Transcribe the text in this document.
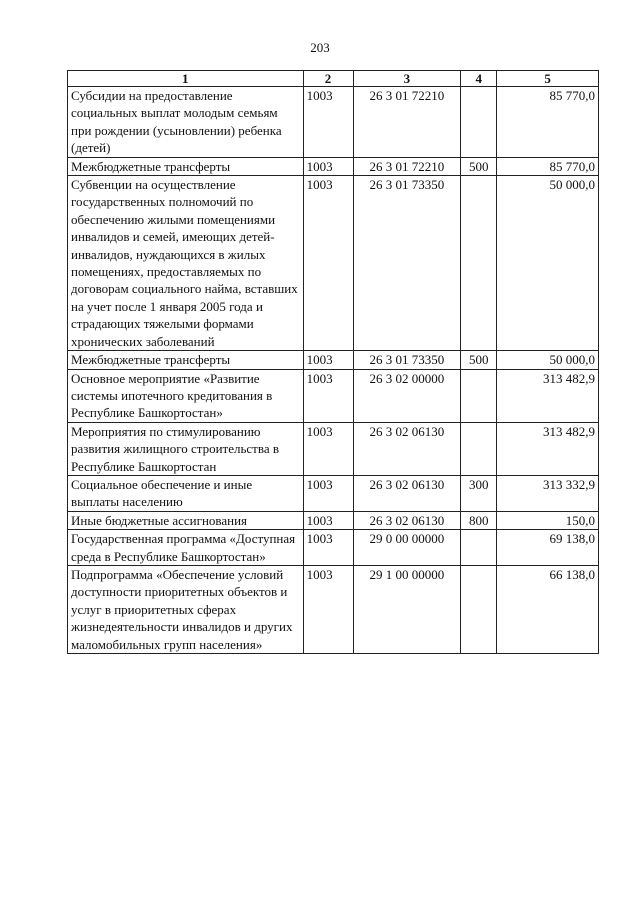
203
1	2	3	4	5
Субсидии на предоставление социальных выплат молодым семьям при рождении (усыновлении) ребенка (детей)	1003	26 3 01 72210		85 770,0
Межбюджетные трансферты	1003	26 3 01 72210	500	85 770,0
Субвенции на осуществление государственных полномочий по обеспечению жилыми помещениями инвалидов и семей, имеющих детей-инвалидов, нуждающихся в жилых помещениях, предоставляемых по договорам социального найма, вставших на учет после 1 января 2005 года и страдающих тяжелыми формами хронических заболеваний	1003	26 3 01 73350		50 000,0
Межбюджетные трансферты	1003	26 3 01 73350	500	50 000,0
Основное мероприятие «Развитие системы ипотечного кредитования в Республике Башкортостан»	1003	26 3 02 00000		313 482,9
Мероприятия по стимулированию развития жилищного строительства в Республике Башкортостан	1003	26 3 02 06130		313 482,9
Социальное обеспечение и иные выплаты населению	1003	26 3 02 06130	300	313 332,9
Иные бюджетные ассигнования	1003	26 3 02 06130	800	150,0
Государственная программа «Доступная среда в Республике Башкортостан»	1003	29 0 00 00000		69 138,0
Подпрограмма «Обеспечение условий доступности приоритетных объектов и услуг в приоритетных сферах жизнедеятельности инвалидов и других маломобильных групп населения»	1003	29 1 00 00000		66 138,0
